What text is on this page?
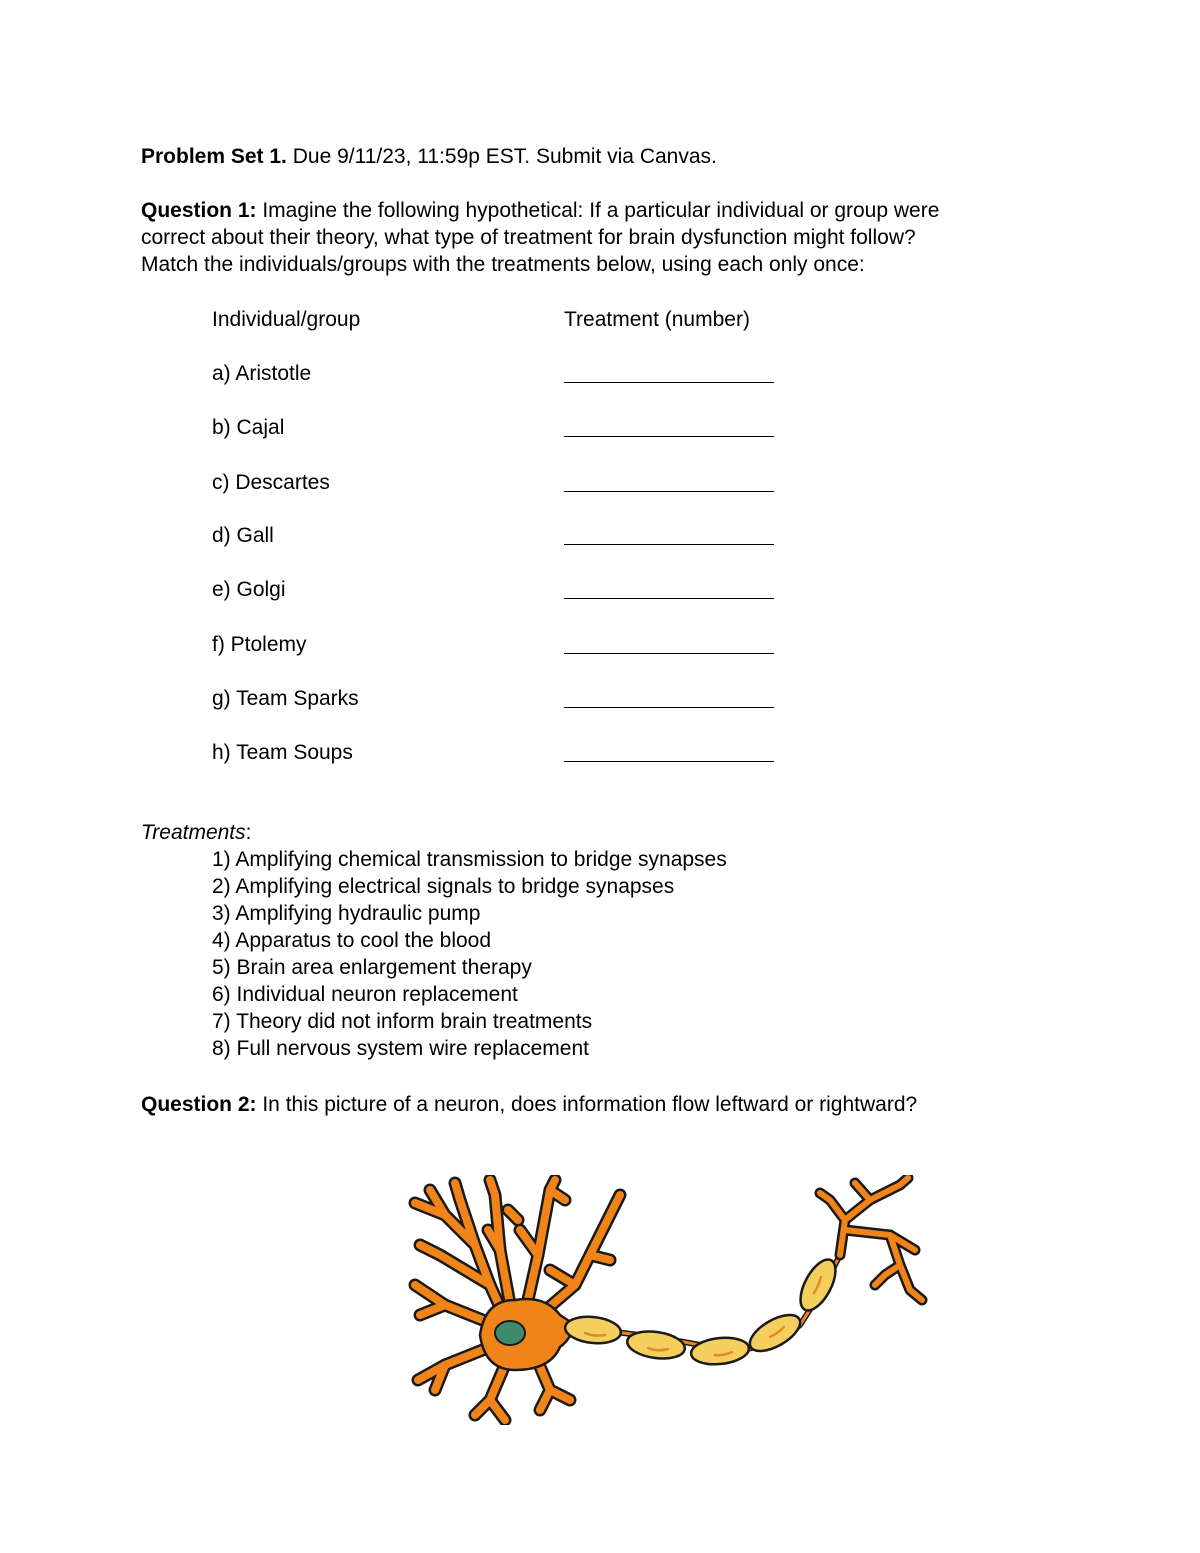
Problem Set 1. Due 9/11/23, 11:59p EST. Submit via Canvas.
Question 1: Imagine the following hypothetical: If a particular individual or group were
correct about their theory, what type of treatment for brain dysfunction might follow?
Match the individuals/groups with the treatments below, using each only once:
Individual/group	Treatment (number)
a) Aristotle
b) Cajal
c) Descartes
d) Gall
e) Golgi
f) Ptolemy
g) Team Sparks
h) Team Soups
Treatments:
1) Amplifying chemical transmission to bridge synapses
2) Amplifying electrical signals to bridge synapses
3) Amplifying hydraulic pump
4) Apparatus to cool the blood
5) Brain area enlargement therapy
6) Individual neuron replacement
7) Theory did not inform brain treatments
8) Full nervous system wire replacement
Question 2: In this picture of a neuron, does information flow leftward or rightward?
